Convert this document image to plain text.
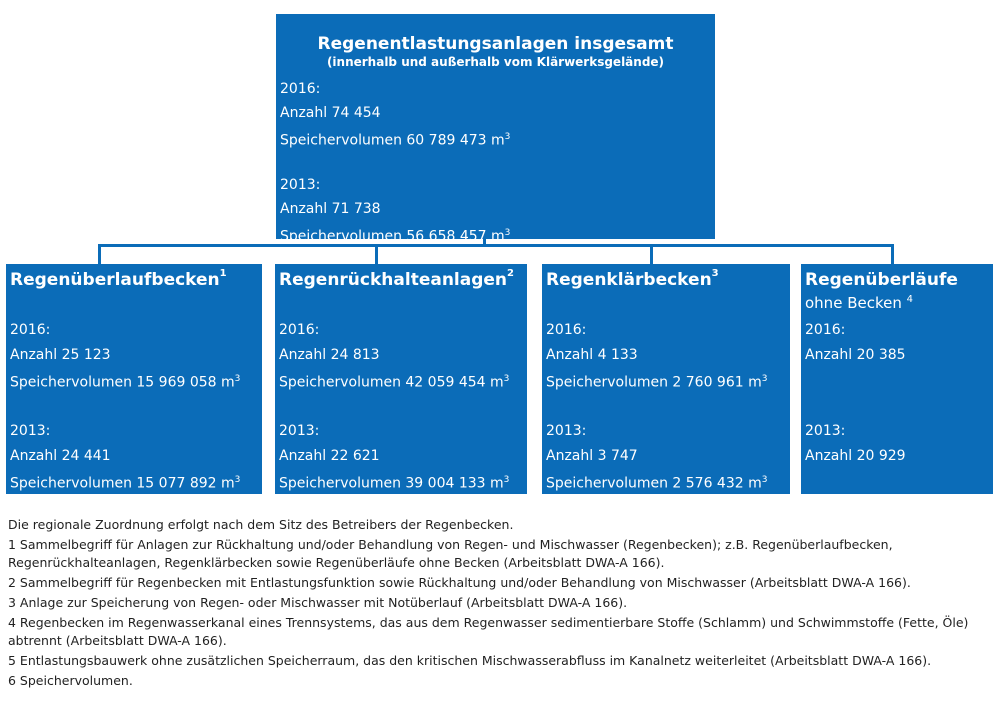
Regenentlastungsanlagen insgesamt
(innerhalb und außerhalb vom Klärwerksgelände)
2016:
Anzahl 74 454
Speichervolumen 60 789 473 $m^3$
2013:
Anzahl 71 738
Speichervolumen 56 658 457 $m^3$
Regenüberlaufbecken$^1$
2016:
Anzahl 25 123
Speichervolumen 15 969 058 $m^3$
2013:
Anzahl 24 441
Speichervolumen 15 077 892 $m^3$
Regenrückhalteanlagen$^2$
2016:
Anzahl 24 813
Speichervolumen 42 059 454 $m^3$
2013:
Anzahl 22 621
Speichervolumen 39 004 133 $m^3$
Regenklärbecken$^3$
2016:
Anzahl 4 133
Speichervolumen 2 760 961 $m^3$
2013:
Anzahl 3 747
Speichervolumen 2 576 432 $m^3$
Regenüberläufe
ohne Becken $^4$
2016:
Anzahl 20 385
2013:
Anzahl 20 929

Die regionale Zuordnung erfolgt nach dem Sitz des Betreibers der Regenbecken.

1 Sammelbegriff für Anlagen zur Rückhaltung und/oder Behandlung von Regen- und Mischwasser (Regenbecken); z.B. Regenüberlaufbecken, Regenrückhalteanlagen, Regenklärbecken sowie Regenüberläufe ohne Becken (Arbeitsblatt DWA-A 166).

2 Sammelbegriff für Regenbecken mit Entlastungsfunktion sowie Rückhaltung und/oder Behandlung von Mischwasser (Arbeitsblatt DWA-A 166).

3 Anlage zur Speicherung von Regen- oder Mischwasser mit Notüberlauf (Arbeitsblatt DWA-A 166).

4 Regenbecken im Regenwasserkanal eines Trennsystems, das aus dem Regenwasser sedimentierbare Stoffe (Schlamm) und Schwimmstoffe (Fette, Öle) abtrennt (Arbeitsblatt DWA-A 166).

5 Entlastungsbauwerk ohne zusätzlichen Speicherraum, das den kritischen Mischwasserabfluss im Kanalnetz weiterleitet (Arbeitsblatt DWA-A 166).

6 Speichervolumen.
